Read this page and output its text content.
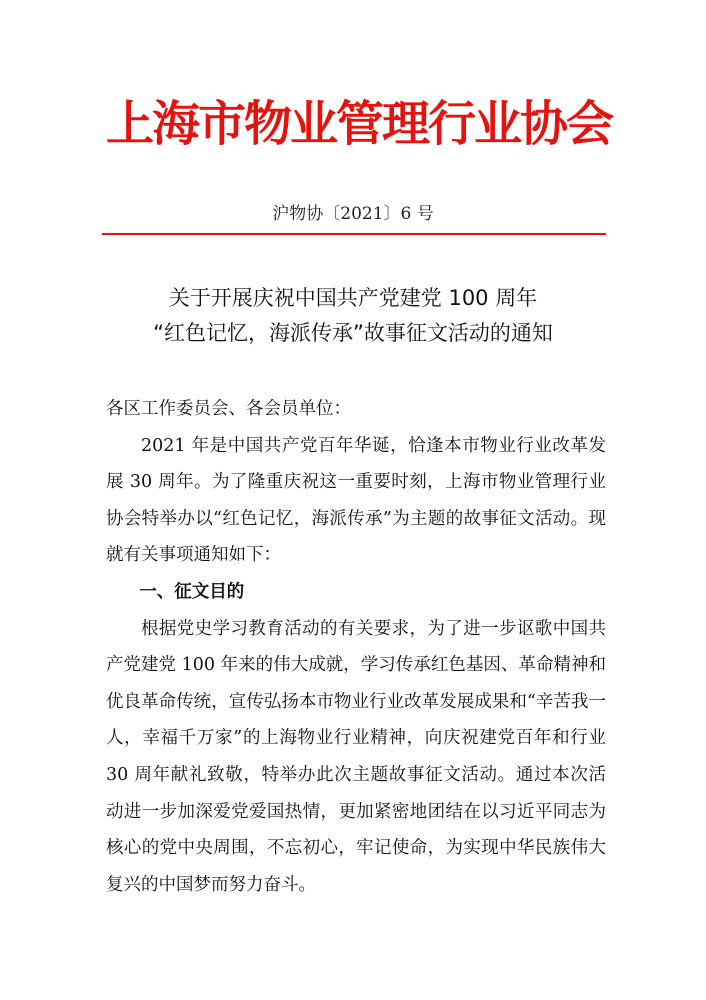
上海市物业管理行业协会
沪物协〔2021〕6 号
关于开展庆祝中国共产党建党 100 周年
“红色记忆，海派传承”故事征文活动的通知

各区工作委员会、各会员单位：

2021 年是中国共产党百年华诞，恰逢本市物业行业改革发展 30 周年。为了隆重庆祝这一重要时刻，上海市物业管理行业协会特举办以“红色记忆，海派传承”为主题的故事征文活动。现就有关事项通知如下：

一、征文目的

根据党史学习教育活动的有关要求，为了进一步讴歌中国共产党建党 100 年来的伟大成就，学习传承红色基因、革命精神和优良革命传统，宣传弘扬本市物业行业改革发展成果和“辛苦我一人，幸福千万家”的上海物业行业精神，向庆祝建党百年和行业 30 周年献礼致敬，特举办此次主题故事征文活动。通过本次活动进一步加深爱党爱国热情，更加紧密地团结在以习近平同志为核心的党中央周围，不忘初心，牢记使命，为实现中华民族伟大复兴的中国梦而努力奋斗。
